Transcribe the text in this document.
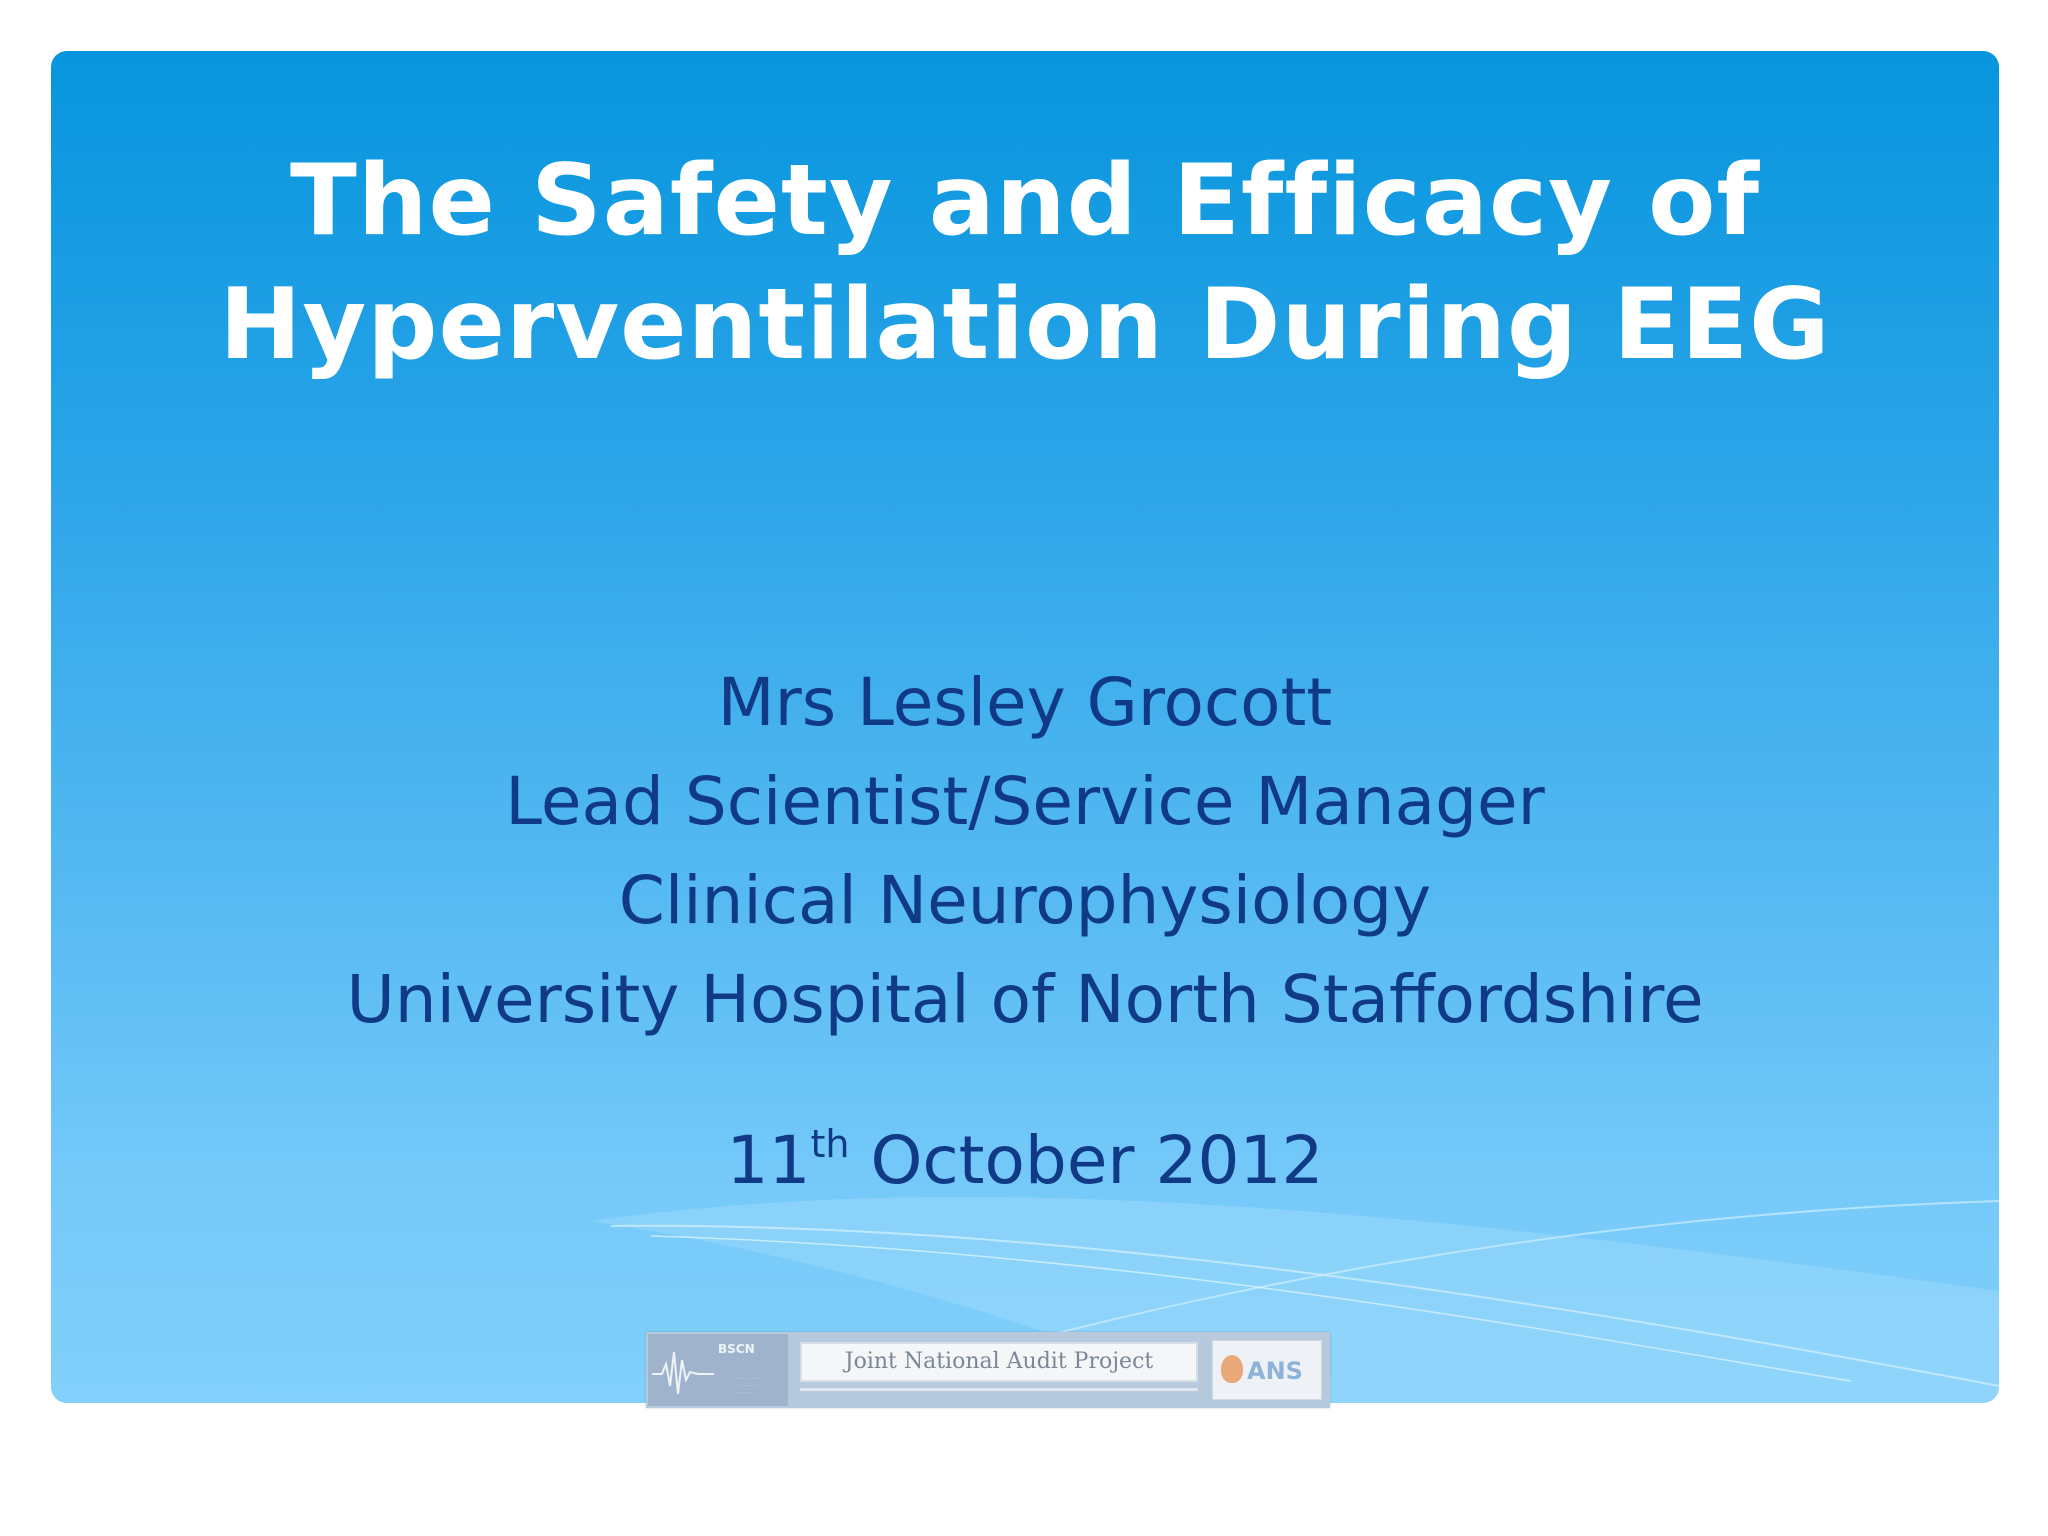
The Safety and Efficacy of
Hyperventilation During EEG
Mrs Lesley Grocott
Lead Scientist/Service Manager
Clinical Neurophysiology
University Hospital of North Staffordshire
11th October 2012
BSCN
· · · · · · · · ·
· · · · · · · ·
· · · · ·
Joint National Audit Project	ANS
